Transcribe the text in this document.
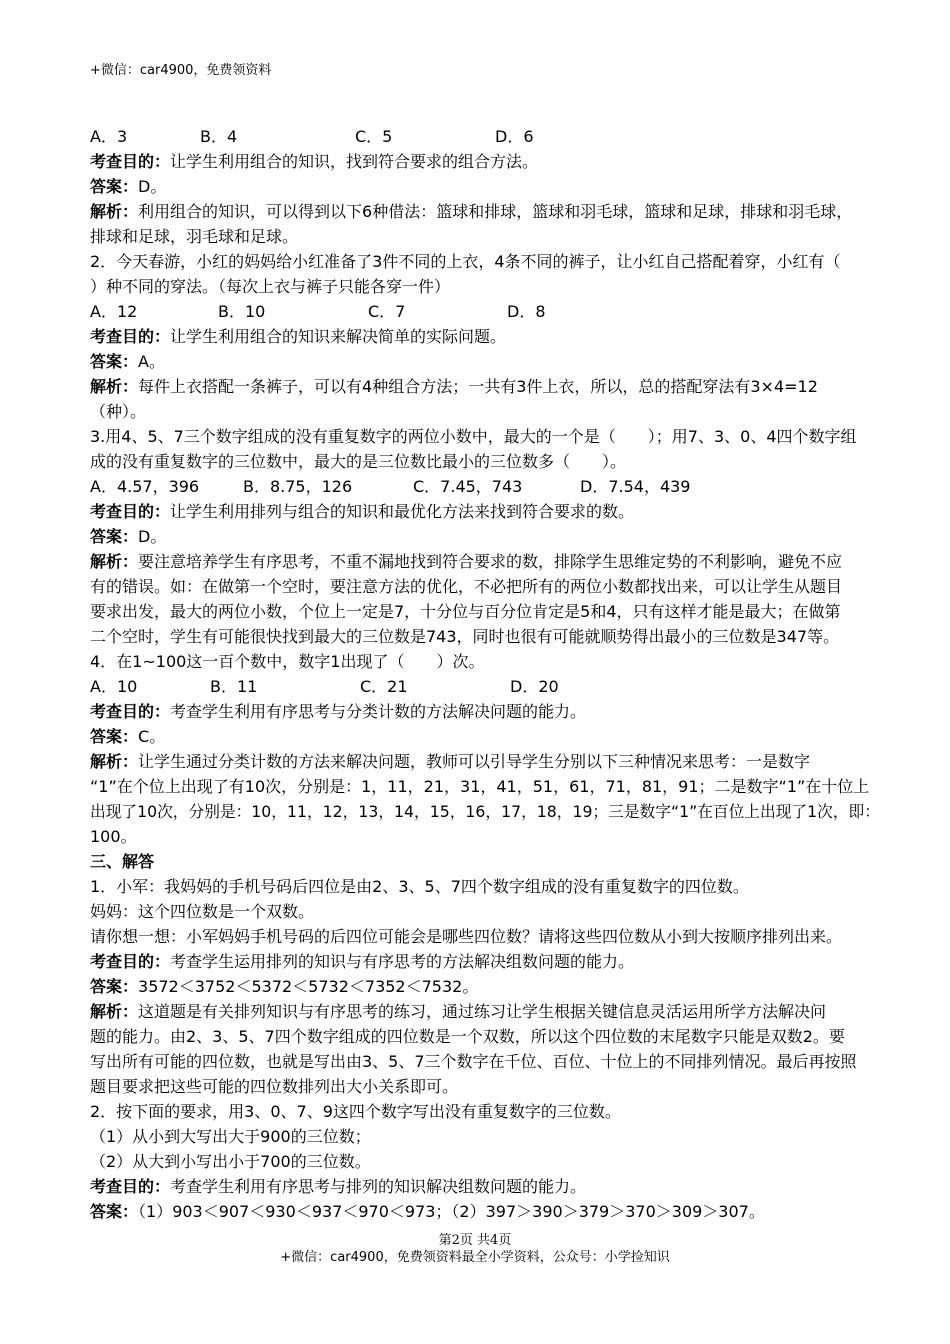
+微信：car4900，免费领资料
A．3	B．4	C．5	D．6
考查目的：让学生利用组合的知识，找到符合要求的组合方法。
答案：D。
解析：利用组合的知识，可以得到以下6种借法：篮球和排球，篮球和羽毛球，篮球和足球，排球和羽毛球，
排球和足球，羽毛球和足球。
2．今天春游，小红的妈妈给小红准备了3件不同的上衣，4条不同的裤子，让小红自己搭配着穿，小红有（
）种不同的穿法。（每次上衣与裤子只能各穿一件）
A．12	B．10	C．7	D．8
考查目的：让学生利用组合的知识来解决简单的实际问题。
答案：A。
解析：每件上衣搭配一条裤子，可以有4种组合方法；一共有3件上衣，所以，总的搭配穿法有3×4=12
（种）。
3.用4、5、7三个数字组成的没有重复数字的两位小数中，最大的一个是（　　）；用7、3、0、4四个数字组
成的没有重复数字的三位数中，最大的是三位数比最小的三位数多（　　）。
A．4.57，396	B．8.75，126	C．7.45，743	D．7.54，439
考查目的：让学生利用排列与组合的知识和最优化方法来找到符合要求的数。
答案：D。
解析：要注意培养学生有序思考，不重不漏地找到符合要求的数，排除学生思维定势的不利影响，避免不应
有的错误。如：在做第一个空时，要注意方法的优化，不必把所有的两位小数都找出来，可以让学生从题目
要求出发，最大的两位小数，个位上一定是7，十分位与百分位肯定是5和4，只有这样才能是最大；在做第
二个空时，学生有可能很快找到最大的三位数是743，同时也很有可能就顺势得出最小的三位数是347等。
4．在1~100这一百个数中，数字1出现了（　　）次。
A．10	B．11	C．21	D．20
考查目的：考查学生利用有序思考与分类计数的方法解决问题的能力。
答案：C。
解析：让学生通过分类计数的方法来解决问题，教师可以引导学生分别以下三种情况来思考：一是数字
“1”在个位上出现了有10次，分别是：1，11，21，31，41，51，61，71，81，91；二是数字“1”在十位上
出现了10次，分别是：10，11，12，13，14，15，16，17，18，19；三是数字“1”在百位上出现了1次，即：
100。
三、解答
1．小军：我妈妈的手机号码后四位是由2、3、5、7四个数字组成的没有重复数字的四位数。
妈妈：这个四位数是一个双数。
请你想一想：小军妈妈手机号码的后四位可能会是哪些四位数？请将这些四位数从小到大按顺序排列出来。
考查目的：考查学生运用排列的知识与有序思考的方法解决组数问题的能力。
答案：3572＜3752＜5372＜5732＜7352＜7532。
解析：这道题是有关排列知识与有序思考的练习，通过练习让学生根据关键信息灵活运用所学方法解决问
题的能力。由2、3、5、7四个数字组成的四位数是一个双数，所以这个四位数的末尾数字只能是双数2。要
写出所有可能的四位数，也就是写出由3、5、7三个数字在千位、百位、十位上的不同排列情况。最后再按照
题目要求把这些可能的四位数排列出大小关系即可。
2．按下面的要求，用3、0、7、9这四个数字写出没有重复数字的三位数。
（1）从小到大写出大于900的三位数；
（2）从大到小写出小于700的三位数。
考查目的：考查学生利用有序思考与排列的知识解决组数问题的能力。
答案：（1）903＜907＜930＜937＜970＜973；（2）397＞390＞379＞370＞309＞307。
第2页 共4页
+微信：car4900，免费领资料最全小学资料，公众号：小学捡知识
